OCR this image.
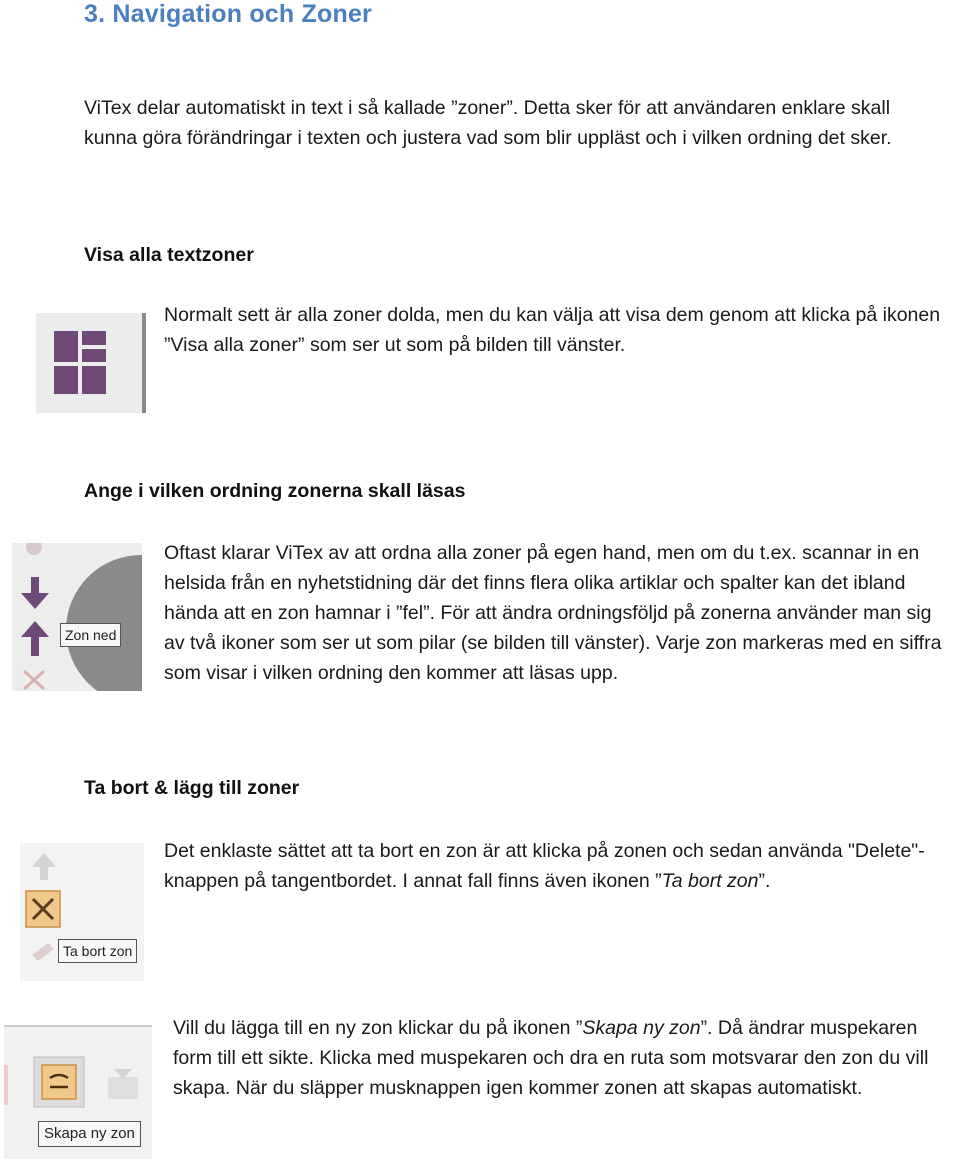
3. Navigation och Zoner

ViTex delar automatiskt in text i så kallade ”zoner”. Detta sker för att användaren enklare skall kunna göra förändringar i texten och justera vad som blir uppläst och i vilken ordning det sker.

Visa alla textzoner

Normalt sett är alla zoner dolda, men du kan välja att visa dem genom att klicka på ikonen ”Visa alla zoner” som ser ut som på bilden till vänster.

Ange i vilken ordning zonerna skall läsas

Zon ned

Oftast klarar ViTex av att ordna alla zoner på egen hand, men om du t.ex. scannar in en helsida från en nyhetstidning där det finns flera olika artiklar och spalter kan det ibland hända att en zon hamnar i ”fel”. För att ändra ordningsföljd på zonerna använder man sig av två ikoner som ser ut som pilar (se bilden till vänster). Varje zon markeras med en siffra som visar i vilken ordning den kommer att läsas upp.

Ta bort & lägg till zoner

Ta bort zon

Det enklaste sättet att ta bort en zon är att klicka på zonen och sedan använda "Delete"-knappen på tangentbordet. I annat fall finns även ikonen ”Ta bort zon”.

Skapa ny zon

Vill du lägga till en ny zon klickar du på ikonen ”Skapa ny zon”. Då ändrar muspekaren form till ett sikte. Klicka med muspekaren och dra en ruta som motsvarar den zon du vill skapa. När du släpper musknappen igen kommer zonen att skapas automatiskt.
